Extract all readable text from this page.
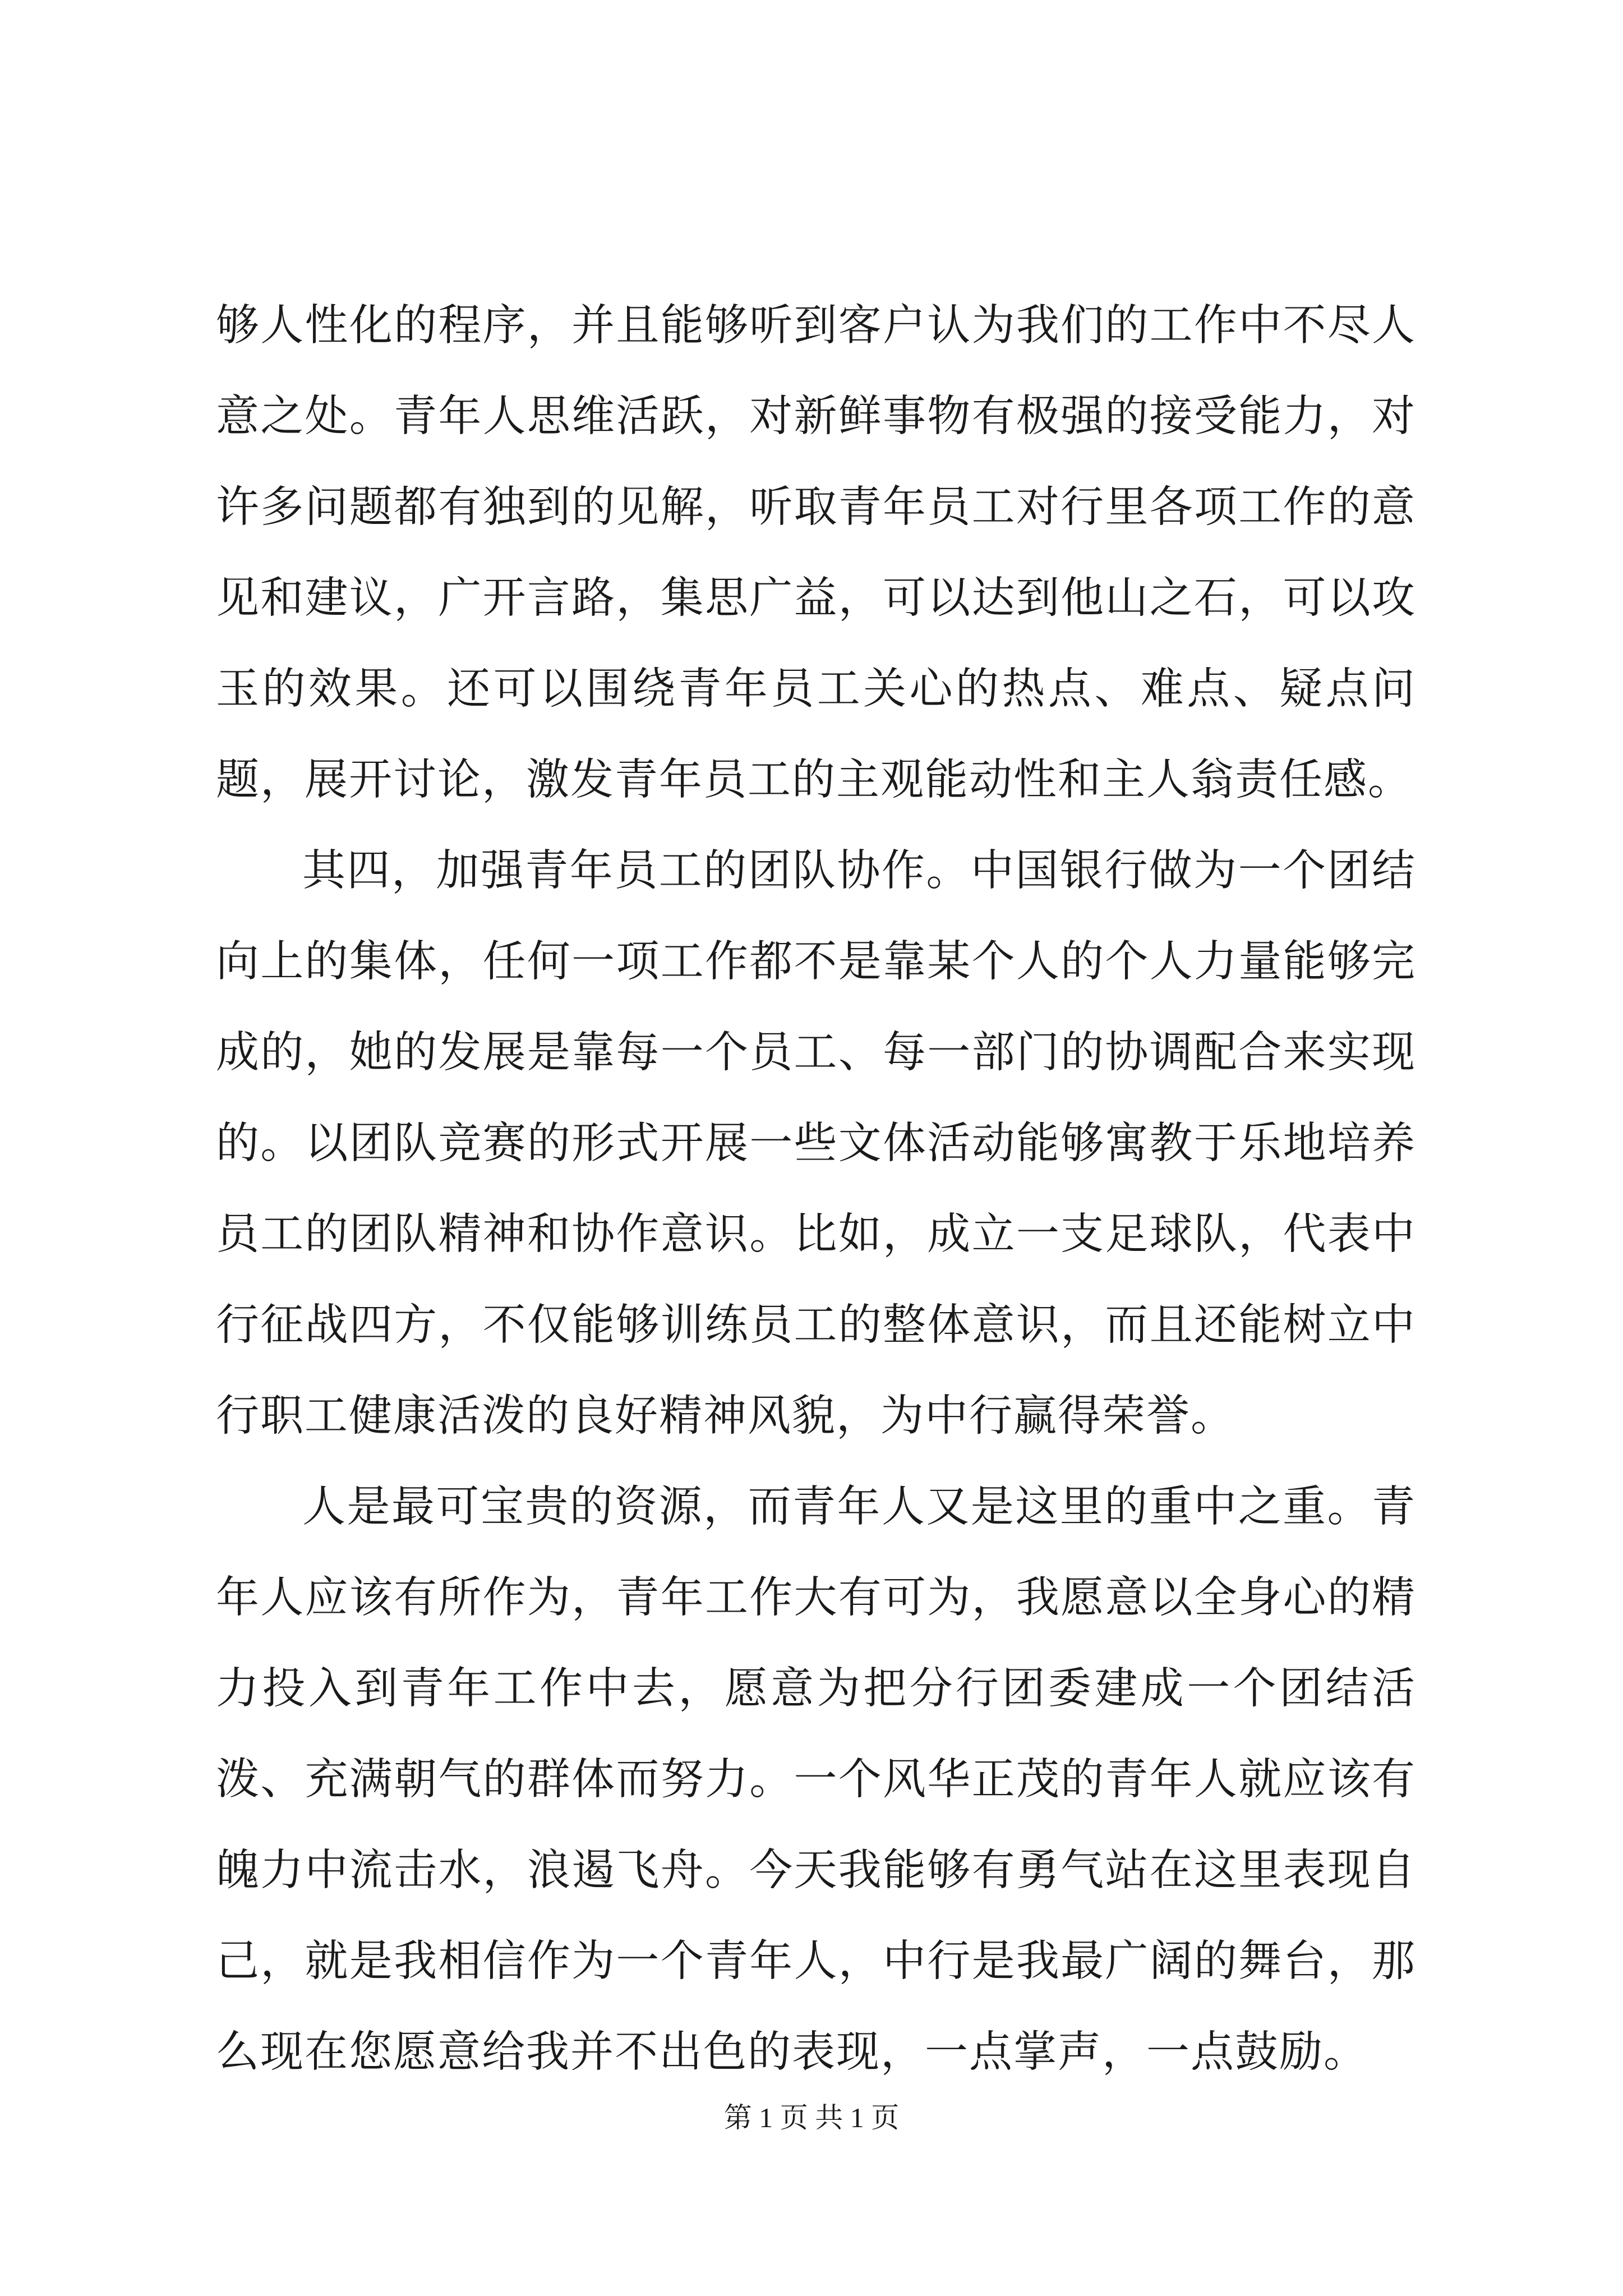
够人性化的程序，并且能够听到客户认为我们的工作中不尽人意之处。青年人思维活跃，对新鲜事物有极强的接受能力，对许多问题都有独到的见解，听取青年员工对行里各项工作的意见和建议，广开言路，集思广益，可以达到他山之石，可以攻玉的效果。还可以围绕青年员工关心的热点、难点、疑点问题，展开讨论，激发青年员工的主观能动性和主人翁责任感。

其四，加强青年员工的团队协作。中国银行做为一个团结向上的集体，任何一项工作都不是靠某个人的个人力量能够完成的，她的发展是靠每一个员工、每一部门的协调配合来实现的。以团队竞赛的形式开展一些文体活动能够寓教于乐地培养员工的团队精神和协作意识。比如，成立一支足球队，代表中行征战四方，不仅能够训练员工的整体意识，而且还能树立中行职工健康活泼的良好精神风貌，为中行赢得荣誉。

人是最可宝贵的资源，而青年人又是这里的重中之重。青年人应该有所作为，青年工作大有可为，我愿意以全身心的精力投入到青年工作中去，愿意为把分行团委建成一个团结活泼、充满朝气的群体而努力。一个风华正茂的青年人就应该有魄力中流击水，浪遏飞舟。今天我能够有勇气站在这里表现自己，就是我相信作为一个青年人，中行是我最广阔的舞台，那么现在您愿意给我并不出色的表现，一点掌声，一点鼓励。

第 1 页 共 1 页
